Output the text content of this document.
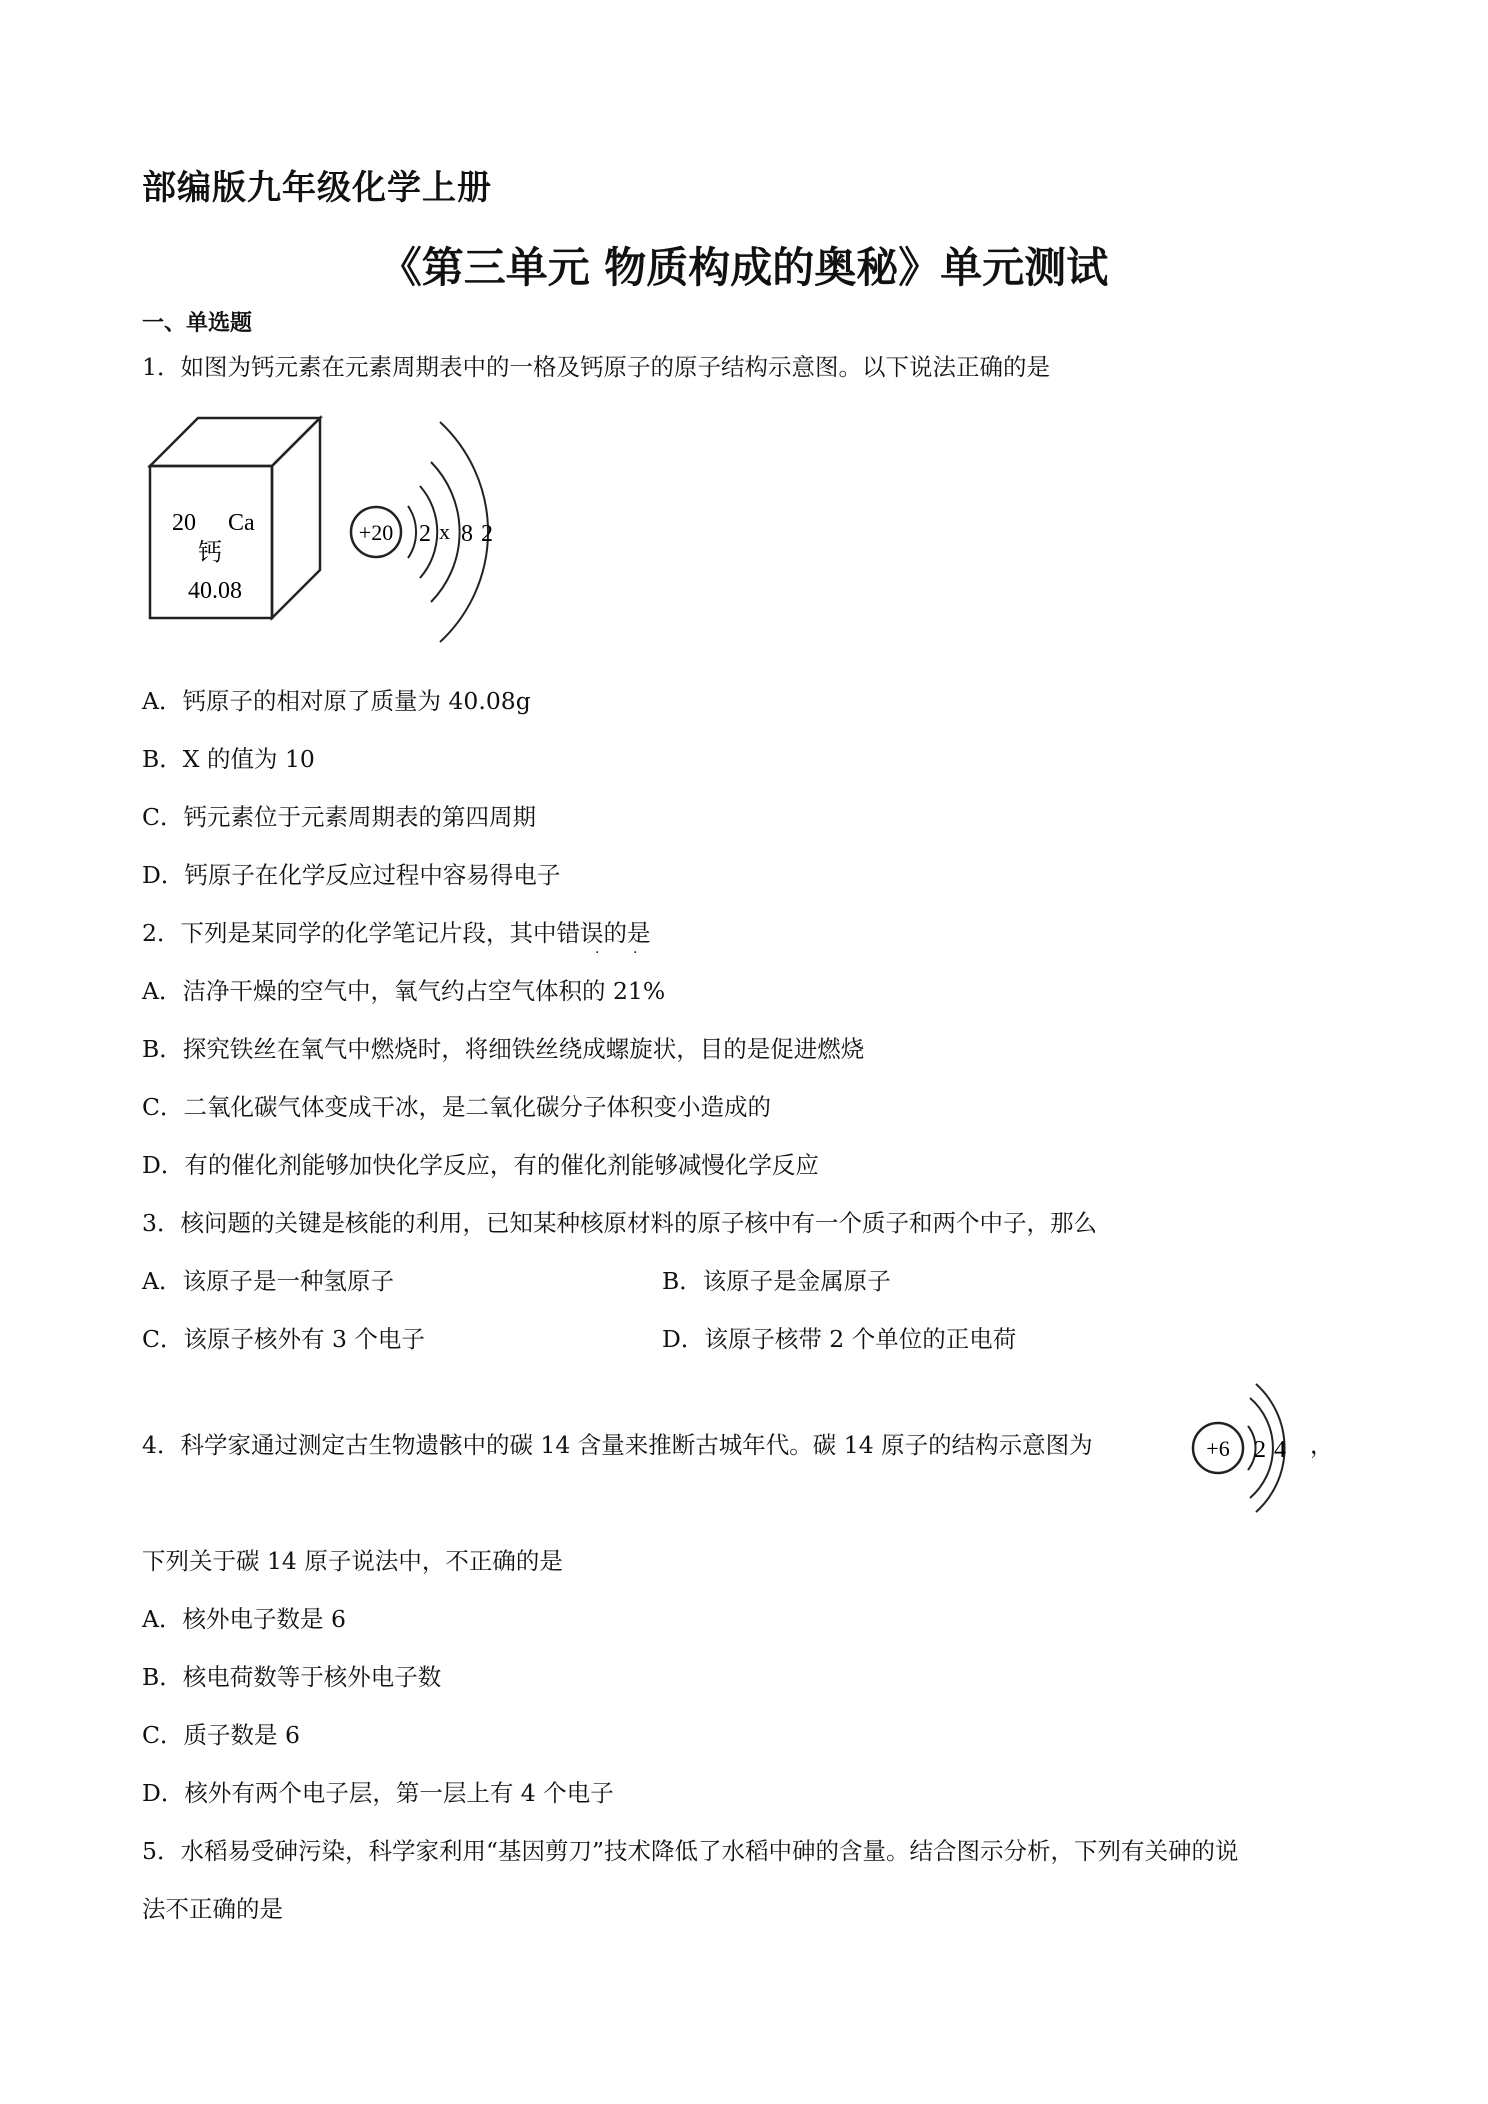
部编版九年级化学上册
《第三单元 物质构成的奥秘》单元测试
一、单选题
1．如图为钙元素在元素周期表中的一格及钙原子的原子结构示意图。以下说法正确的是
20 Ca
钙
40.08
+20 2 x 8 2
A．钙原子的相对原了质量为 40.08g
B．X 的值为 10
C．钙元素位于元素周期表的第四周期
D．钙原子在化学反应过程中容易得电子
2．下列是某同学的化学笔记片段，其中错误的是
· ·
A．洁净干燥的空气中，氧气约占空气体积的 21%
B．探究铁丝在氧气中燃烧时，将细铁丝绕成螺旋状，目的是促进燃烧
C．二氧化碳气体变成干冰，是二氧化碳分子体积变小造成的
D．有的催化剂能够加快化学反应，有的催化剂能够减慢化学反应
3．核问题的关键是核能的利用，已知某种核原材料的原子核中有一个质子和两个中子，那么
A．该原子是一种氢原子	B．该原子是金属原子
C．该原子核外有 3 个电子	D．该原子核带 2 个单位的正电荷
4．科学家通过测定古生物遗骸中的碳 14 含量来推断古城年代。碳 14 原子的结构示意图为	+6 2 4 ，
下列关于碳 14 原子说法中，不正确的是
A．核外电子数是 6
B．核电荷数等于核外电子数
C．质子数是 6
D．核外有两个电子层，第一层上有 4 个电子
5．水稻易受砷污染，科学家利用“基因剪刀”技术降低了水稻中砷的含量。结合图示分析，下列有关砷的说
法不正确的是
